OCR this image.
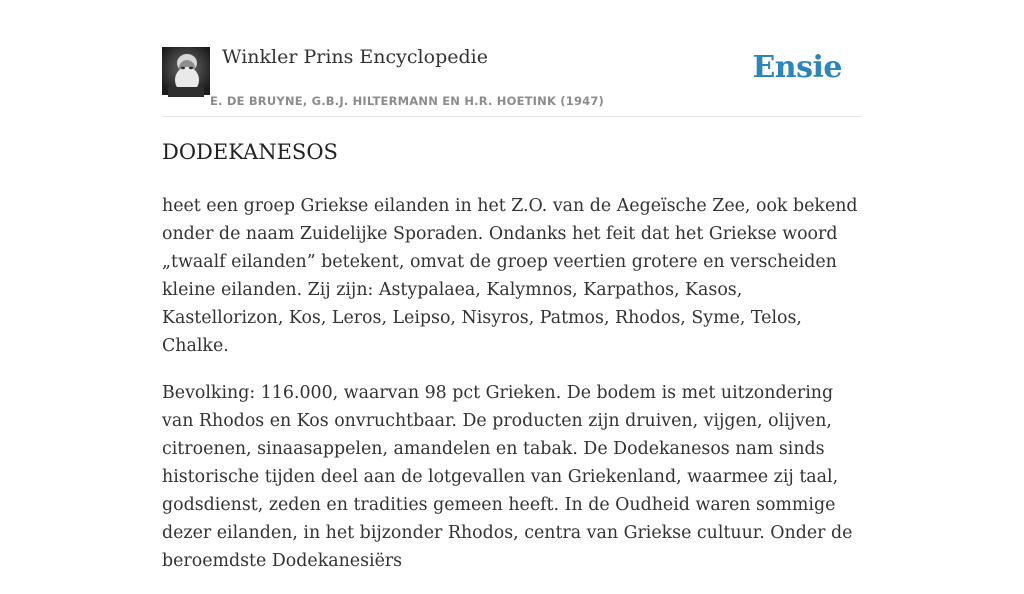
Winkler Prins Encyclopedie
E. DE BRUYNE, G.B.J. HILTERMANN EN H.R. HOETINK (1947)
Ensie
DODEKANESOS

heet een groep Griekse eilanden in het Z.O. van de Aegeïsche Zee, ook bekend onder de naam Zuidelijke Sporaden. Ondanks het feit dat het Griekse woord „twaalf eilanden” betekent, omvat de groep veertien grotere en verscheiden kleine eilanden. Zij zijn: Astypalaea, Kalymnos, Karpathos, Kasos, Kastellorizon, Kos, Leros, Leipso, Nisyros, Patmos, Rhodos, Syme, Telos, Chalke.

Bevolking: 116.000, waarvan 98 pct Grieken. De bodem is met uitzondering van Rhodos en Kos onvruchtbaar. De producten zijn druiven, vijgen, olijven, citroenen, sinaasappelen, amandelen en tabak. De Dodekanesos nam sinds historische tijden deel aan de lotgevallen van Griekenland, waarmee zij taal, godsdienst, zeden en tradities gemeen heeft. In de Oudheid waren sommige dezer eilanden, in het bijzonder Rhodos, centra van Griekse cultuur. Onder de beroemdste Dodekanesiërs
